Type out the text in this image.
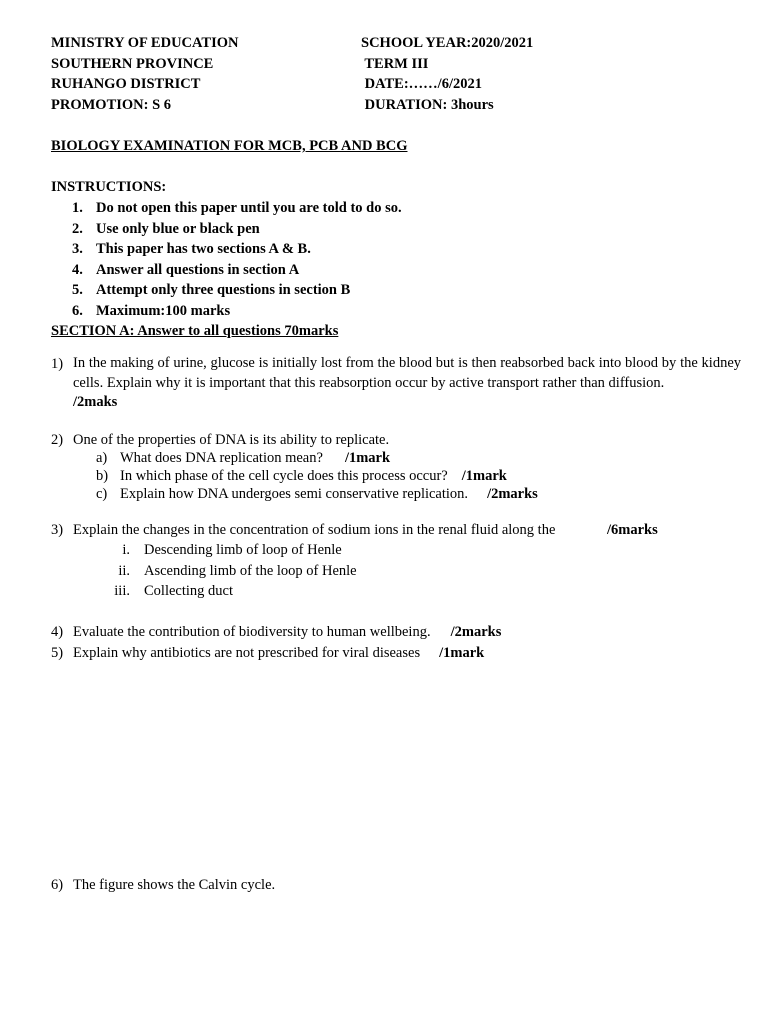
MINISTRY OF EDUCATION
SOUTHERN PROVINCE
RUHANGO DISTRICT
PROMOTION: S 6
SCHOOL YEAR:2020/2021
TERM III
DATE:……/6/2021
DURATION: 3hours
BIOLOGY EXAMINATION FOR MCB, PCB AND BCG
INSTRUCTIONS:
1. Do not open this paper until you are told to do so.
2. Use only blue or black pen
3. This paper has two sections A & B.
4. Answer all questions in section A
5. Attempt only three questions in section B
6. Maximum:100 marks
SECTION A: Answer to all questions 70marks
1) In the making of urine, glucose is initially lost from the blood but is then reabsorbed back into blood by the kidney cells. Explain why it is important that this reabsorption occur by active transport rather than diffusion.
/2maks
2) One of the properties of DNA is its ability to replicate.
a) What does DNA replication mean? /1mark
b) In which phase of the cell cycle does this process occur? /1mark
c) Explain how DNA undergoes semi conservative replication. /2marks
3) Explain the changes in the concentration of sodium ions in the renal fluid along the	/6marks
i. Descending limb of loop of Henle
ii. Ascending limb of the loop of Henle
iii. Collecting duct
4) Evaluate the contribution of biodiversity to human wellbeing. /2marks
5) Explain why antibiotics are not prescribed for viral diseases /1mark
6) The figure shows the Calvin cycle.
